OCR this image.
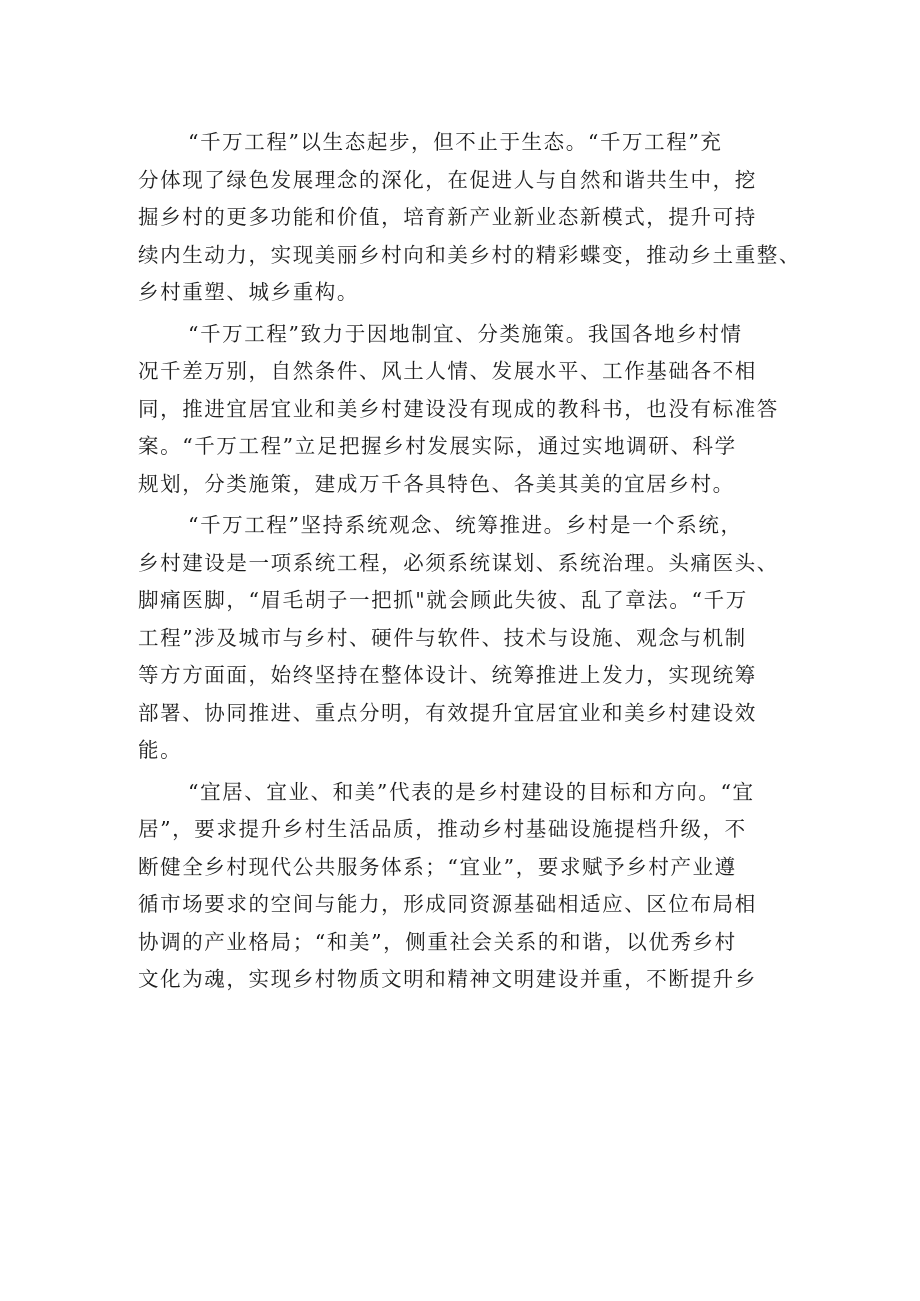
“千万工程”以生态起步，但不止于生态。“千万工程”充
分体现了绿色发展理念的深化，在促进人与自然和谐共生中，挖
掘乡村的更多功能和价值，培育新产业新业态新模式，提升可持
续内生动力，实现美丽乡村向和美乡村的精彩蝶变，推动乡土重整、
乡村重塑、城乡重构。

“千万工程”致力于因地制宜、分类施策。我国各地乡村情
况千差万别，自然条件、风土人情、发展水平、工作基础各不相
同，推进宜居宜业和美乡村建设没有现成的教科书，也没有标准答
案。“千万工程”立足把握乡村发展实际，通过实地调研、科学
规划，分类施策，建成万千各具特色、各美其美的宜居乡村。

“千万工程”坚持系统观念、统筹推进。乡村是一个系统，
乡村建设是一项系统工程，必须系统谋划、系统治理。头痛医头、
脚痛医脚，“眉毛胡子一把抓"就会顾此失彼、乱了章法。“千万
工程”涉及城市与乡村、硬件与软件、技术与设施、观念与机制
等方方面面，始终坚持在整体设计、统筹推进上发力，实现统筹
部署、协同推进、重点分明，有效提升宜居宜业和美乡村建设效
能。

“宜居、宜业、和美”代表的是乡村建设的目标和方向。“宜
居”，要求提升乡村生活品质，推动乡村基础设施提档升级，不
断健全乡村现代公共服务体系；“宜业”，要求赋予乡村产业遵
循市场要求的空间与能力，形成同资源基础相适应、区位布局相
协调的产业格局；“和美”，侧重社会关系的和谐，以优秀乡村
文化为魂，实现乡村物质文明和精神文明建设并重，不断提升乡
